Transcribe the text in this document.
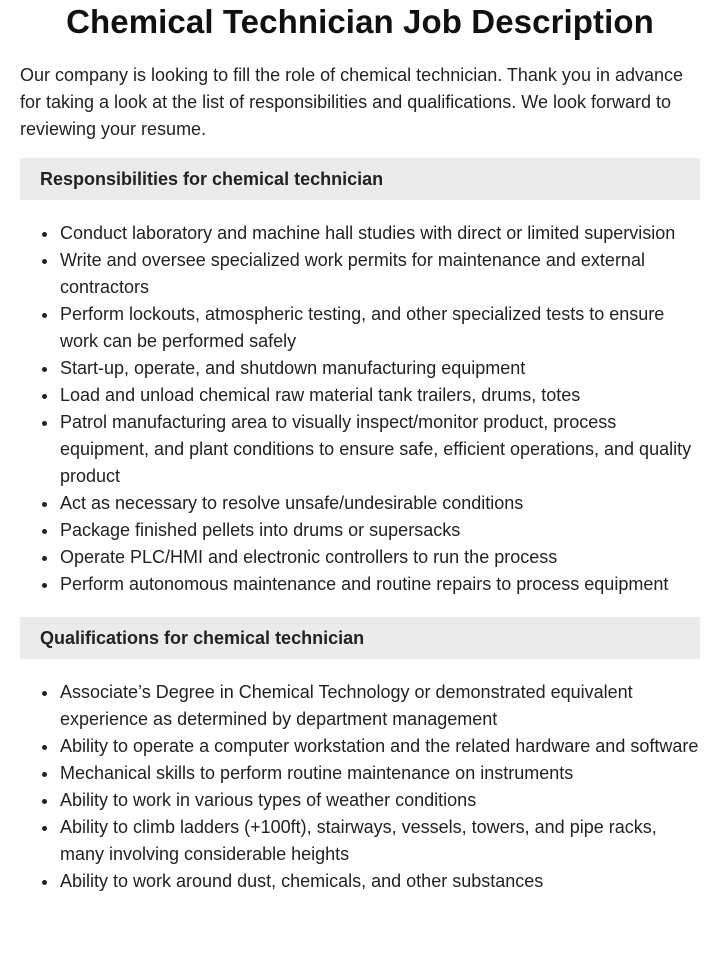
Chemical Technician Job Description

Our company is looking to fill the role of chemical technician. Thank you in advance for taking a look at the list of responsibilities and qualifications. We look forward to reviewing your resume.

Responsibilities for chemical technician
Conduct laboratory and machine hall studies with direct or limited supervision
Write and oversee specialized work permits for maintenance and external contractors
Perform lockouts, atmospheric testing, and other specialized tests to ensure work can be performed safely
Start-up, operate, and shutdown manufacturing equipment
Load and unload chemical raw material tank trailers, drums, totes
Patrol manufacturing area to visually inspect/monitor product, process equipment, and plant conditions to ensure safe, efficient operations, and quality product
Act as necessary to resolve unsafe/undesirable conditions
Package finished pellets into drums or supersacks
Operate PLC/HMI and electronic controllers to run the process
Perform autonomous maintenance and routine repairs to process equipment
Qualifications for chemical technician
Associate’s Degree in Chemical Technology or demonstrated equivalent experience as determined by department management
Ability to operate a computer workstation and the related hardware and software
Mechanical skills to perform routine maintenance on instruments
Ability to work in various types of weather conditions
Ability to climb ladders (+100ft), stairways, vessels, towers, and pipe racks, many involving considerable heights
Ability to work around dust, chemicals, and other substances
